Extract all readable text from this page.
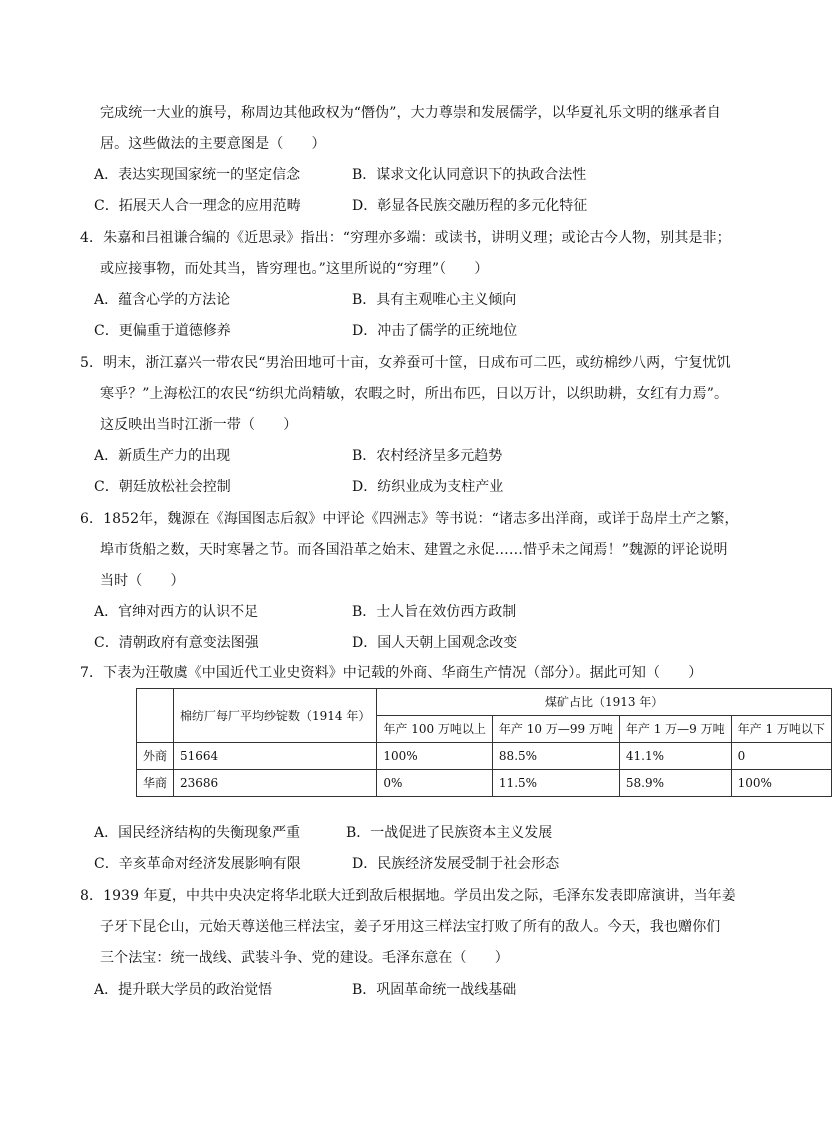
完成统一大业的旗号，称周边其他政权为“僭伪”，大力尊崇和发展儒学，以华夏礼乐文明的继承者自
居。这些做法的主要意图是（　　）
A．表达实现国家统一的坚定信念	B．谋求文化认同意识下的执政合法性
C．拓展天人合一理念的应用范畴	D．彰显各民族交融历程的多元化特征
4．朱嘉和吕祖谦合编的《近思录》指出：“穷理亦多端：或读书，讲明义理；或论古今人物，别其是非；
或应接事物，而处其当，皆穷理也。”这里所说的“穷理”（　　）
A．蕴含心学的方法论	B．具有主观唯心主义倾向
C．更偏重于道德修养	D．冲击了儒学的正统地位
5．明末，浙江嘉兴一带农民“男治田地可十亩，女养蚕可十筐，日成布可二匹，或纺棉纱八两，宁复忧饥
寒乎？”上海松江的农民“纺织尤尚精敏，农暇之时，所出布匹，日以万计，以织助耕，女红有力焉”。
这反映出当时江浙一带（　　）
A．新质生产力的出现	B．农村经济呈多元趋势
C．朝廷放松社会控制	D．纺织业成为支柱产业
6．1852年，魏源在《海国图志后叙》中评论《四洲志》等书说：“诸志多出洋商，或详于岛岸土产之繁，
埠市货船之数，天时寒暑之节。而各国沿革之始末、建置之永促……惜乎未之闻焉！”魏源的评论说明
当时（　　）
A．官绅对西方的认识不足	B．士人旨在效仿西方政制
C．清朝政府有意变法图强	D．国人天朝上国观念改变
7．下表为汪敬虞《中国近代工业史资料》中记载的外商、华商生产情况（部分）。据此可知（　　）
	棉纺厂每厂平均纱锭数（1914 年）	煤矿占比（1913 年）			
		年产 100 万吨以上	年产 10 万—99 万吨	年产 1 万—9 万吨	年产 1 万吨以下
外商	51664	100%	88.5%	41.1%	0
华商	23686	0%	11.5%	58.9%	100%
A．国民经济结构的失衡现象严重	B．一战促进了民族资本主义发展
C．辛亥革命对经济发展影响有限	D．民族经济发展受制于社会形态
8．1939 年夏，中共中央决定将华北联大迁到敌后根据地。学员出发之际，毛泽东发表即席演讲，当年姜
子牙下昆仑山，元始天尊送他三样法宝，姜子牙用这三样法宝打败了所有的敌人。今天，我也赠你们
三个法宝：统一战线、武装斗争、党的建设。毛泽东意在（　　）
A．提升联大学员的政治觉悟	B．巩固革命统一战线基础
